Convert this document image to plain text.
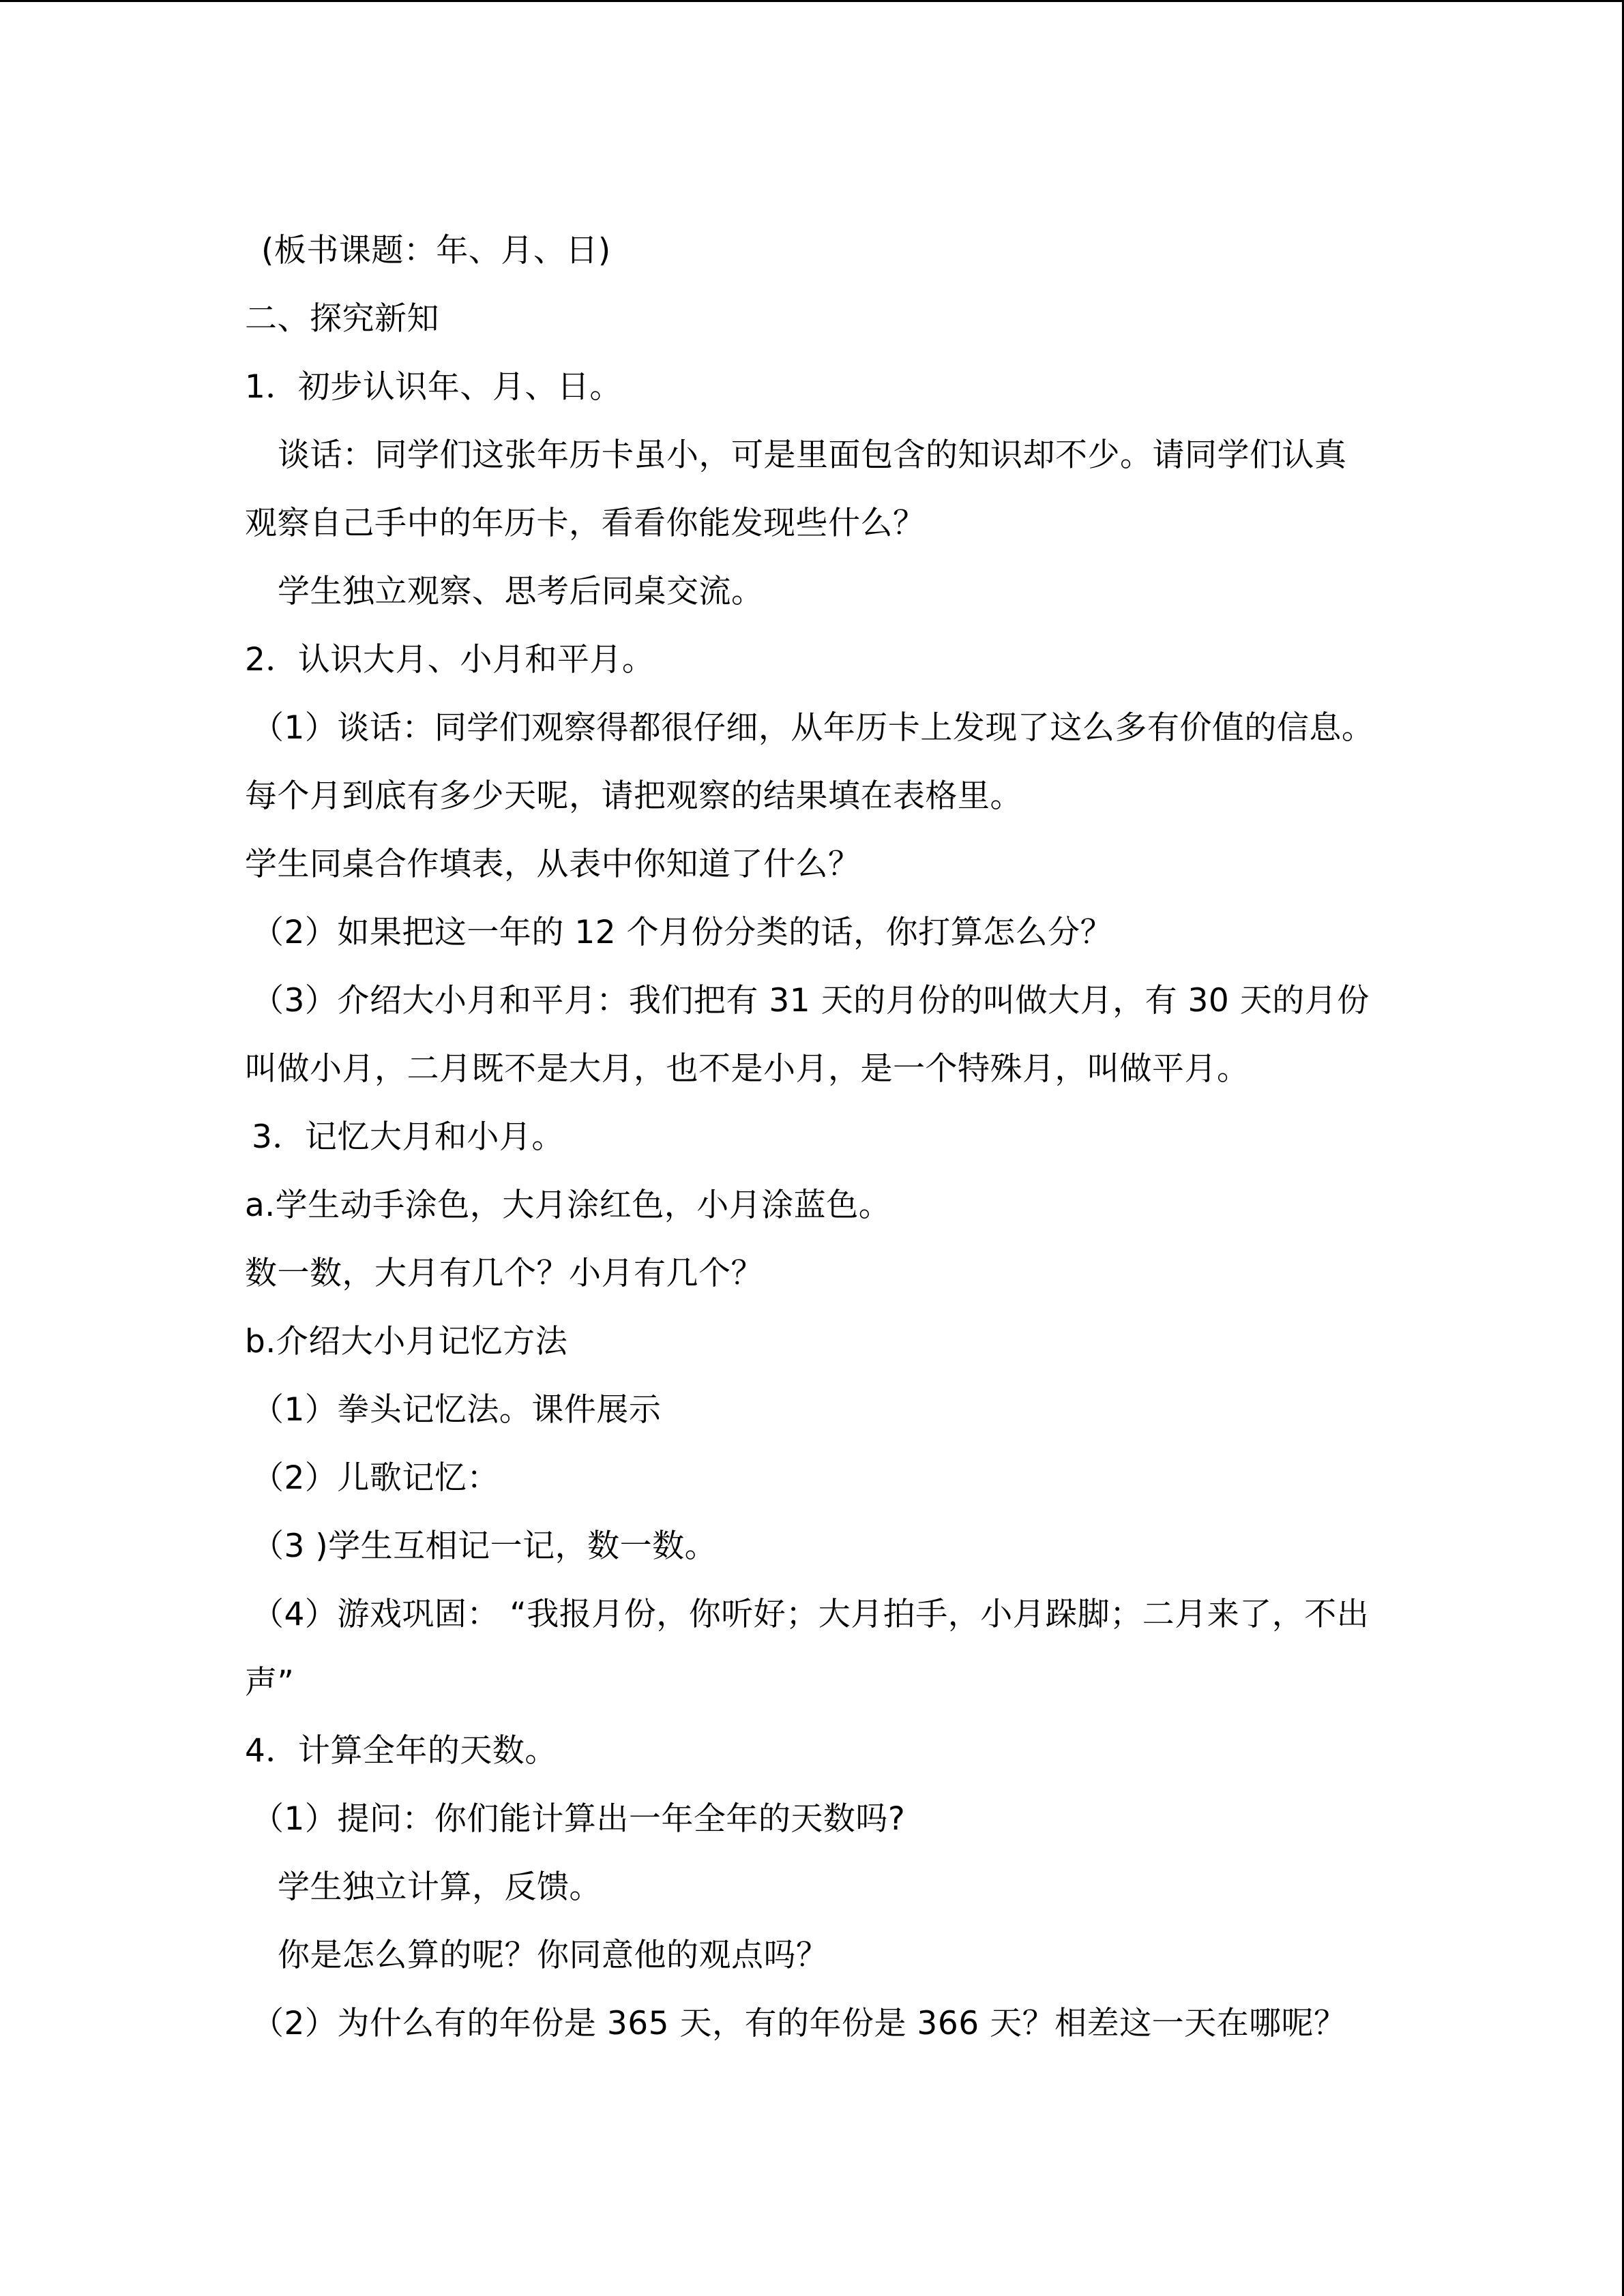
(板书课题：年、月、日)
二、探究新知
1．初步认识年、月、日。
谈话：同学们这张年历卡虽小，可是里面包含的知识却不少。请同学们认真
观察自己手中的年历卡，看看你能发现些什么？
学生独立观察、思考后同桌交流。
2．认识大月、小月和平月。
（1）谈话：同学们观察得都很仔细，从年历卡上发现了这么多有价值的信息。
每个月到底有多少天呢，请把观察的结果填在表格里。
学生同桌合作填表，从表中你知道了什么？
（2）如果把这一年的 12 个月份分类的话，你打算怎么分？
（3）介绍大小月和平月：我们把有 31 天的月份的叫做大月，有 30 天的月份
叫做小月，二月既不是大月，也不是小月，是一个特殊月，叫做平月。
3．记忆大月和小月。
a.学生动手涂色，大月涂红色，小月涂蓝色。
数一数，大月有几个？小月有几个？
b.介绍大小月记忆方法
（1）拳头记忆法。课件展示
（2）儿歌记忆：
（3 )学生互相记一记，数一数。
（4）游戏巩固： “我报月份，你听好；大月拍手，小月跺脚；二月来了，不出
声”
4．计算全年的天数。
（1）提问：你们能计算出一年全年的天数吗?
学生独立计算，反馈。
你是怎么算的呢？你同意他的观点吗？
（2）为什么有的年份是 365 天，有的年份是 366 天？相差这一天在哪呢？
